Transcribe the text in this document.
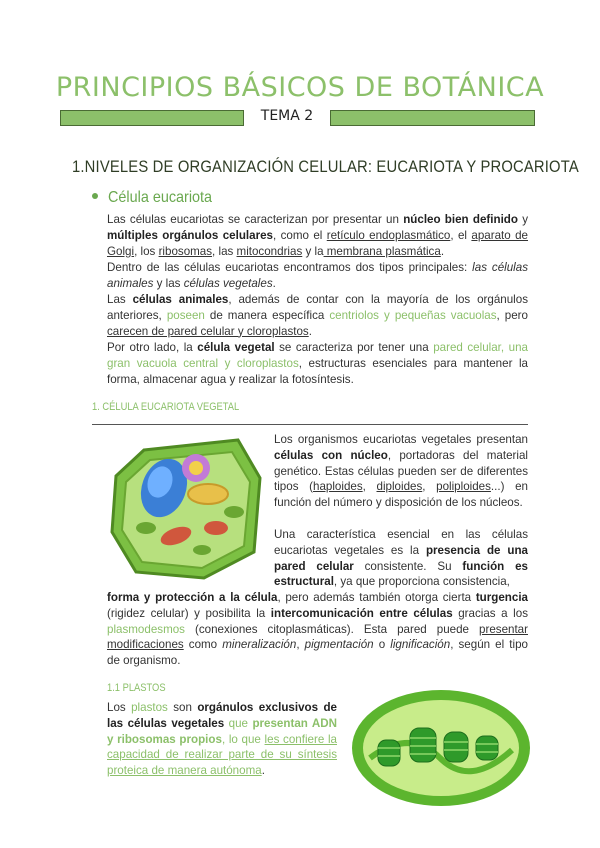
PRINCIPIOS BÁSICOS DE BOTÁNICA
TEMA 2
1.NIVELES DE ORGANIZACIÓN CELULAR: EUCARIOTA Y PROCARIOTA
Célula eucariota
Las células eucariotas se caracterizan por presentar un núcleo bien definido y múltiples orgánulos celulares, como el retículo endoplasmático, el aparato de Golgi, los ribosomas, las mitocondrias y la membrana plasmática.
Dentro de las células eucariotas encontramos dos tipos principales: las células animales y las células vegetales.
Las células animales, además de contar con la mayoría de los orgánulos anteriores, poseen de manera específica centriolos y pequeñas vacuolas, pero carecen de pared celular y cloroplastos.
Por otro lado, la célula vegetal se caracteriza por tener una pared celular, una gran vacuola central y cloroplastos, estructuras esenciales para mantener la forma, almacenar agua y realizar la fotosíntesis.
1. CÉLULA EUCARIOTA VEGETAL
Los organismos eucariotas vegetales presentan células con núcleo, portadoras del material genético. Estas células pueden ser de diferentes tipos (haploides, diploides, poliploides...) en función del número y disposición de los núcleos.
Una característica esencial en las células eucariotas vegetales es la presencia de una pared celular consistente. Su función es estructural, ya que proporciona consistencia,
forma y protección a la célula, pero además también otorga cierta turgencia (rigidez celular) y posibilita la intercomunicación entre células gracias a los plasmodesmos (conexiones citoplasmáticas). Esta pared puede presentar modificaciones como mineralización, pigmentación o lignificación, según el tipo de organismo.
1.1 PLASTOS
Los plastos son orgánulos exclusivos de las células vegetales que presentan ADN y ribosomas propios, lo que les confiere la capacidad de realizar parte de su síntesis proteica de manera autónoma.
